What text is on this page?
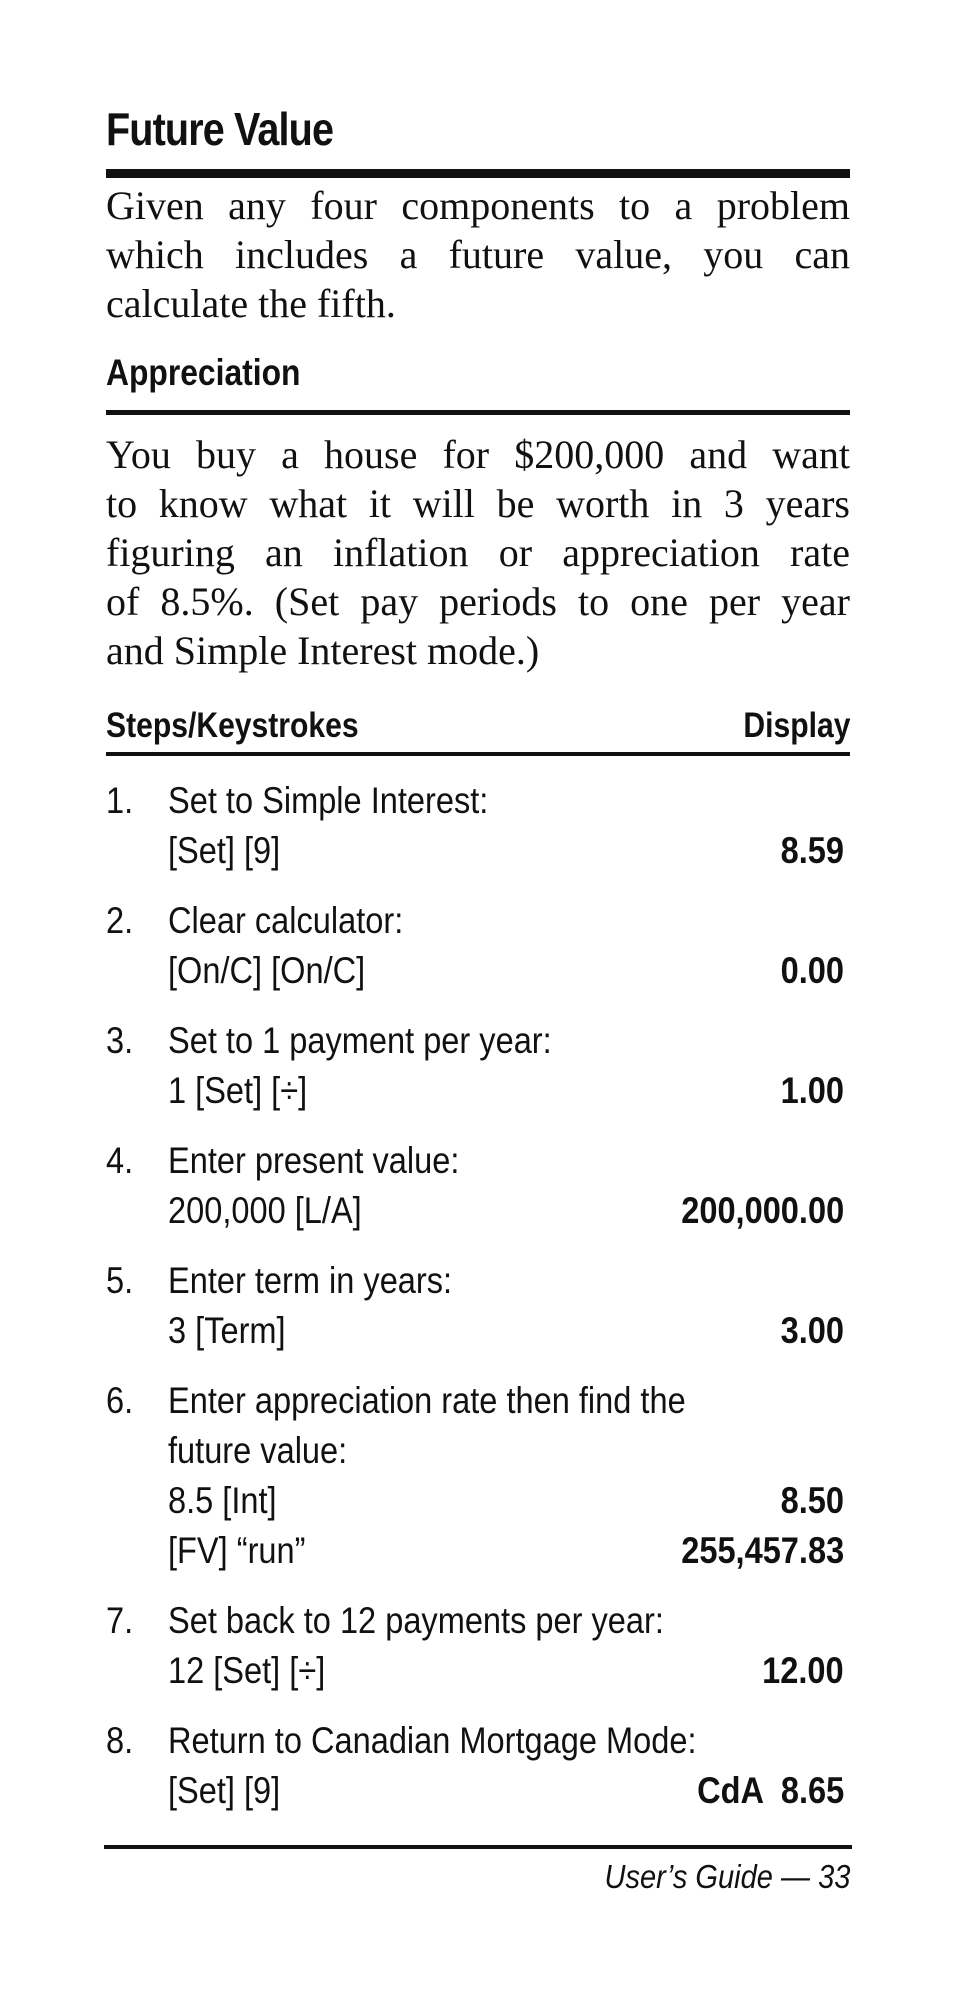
Future Value
Given any four components to a problem which includes a future value, you can calculate the fifth.
Appreciation
You buy a house for $200,000 and want
to know what it will be worth in 3 years
figuring an inflation or appreciation rate
of 8.5%. (Set pay periods to one per year
and Simple Interest mode.)
Steps/Keystrokes	Display
1. Set to Simple Interest:
[Set] [9]	8.59
2. Clear calculator:
[On/C] [On/C]	0.00
3. Set to 1 payment per year:
1 [Set] [÷]	1.00
4. Enter present value:
200,000 [L/A]	200,000.00
5. Enter term in years:
3 [Term]	3.00
6. Enter appreciation rate then find the
future value:
8.5 [Int]	8.50
[FV] “run”	255,457.83
7. Set back to 12 payments per year:
12 [Set] [÷]	12.00
8. Return to Canadian Mortgage Mode:
[Set] [9]	CdA  8.65
User’s Guide — 33
